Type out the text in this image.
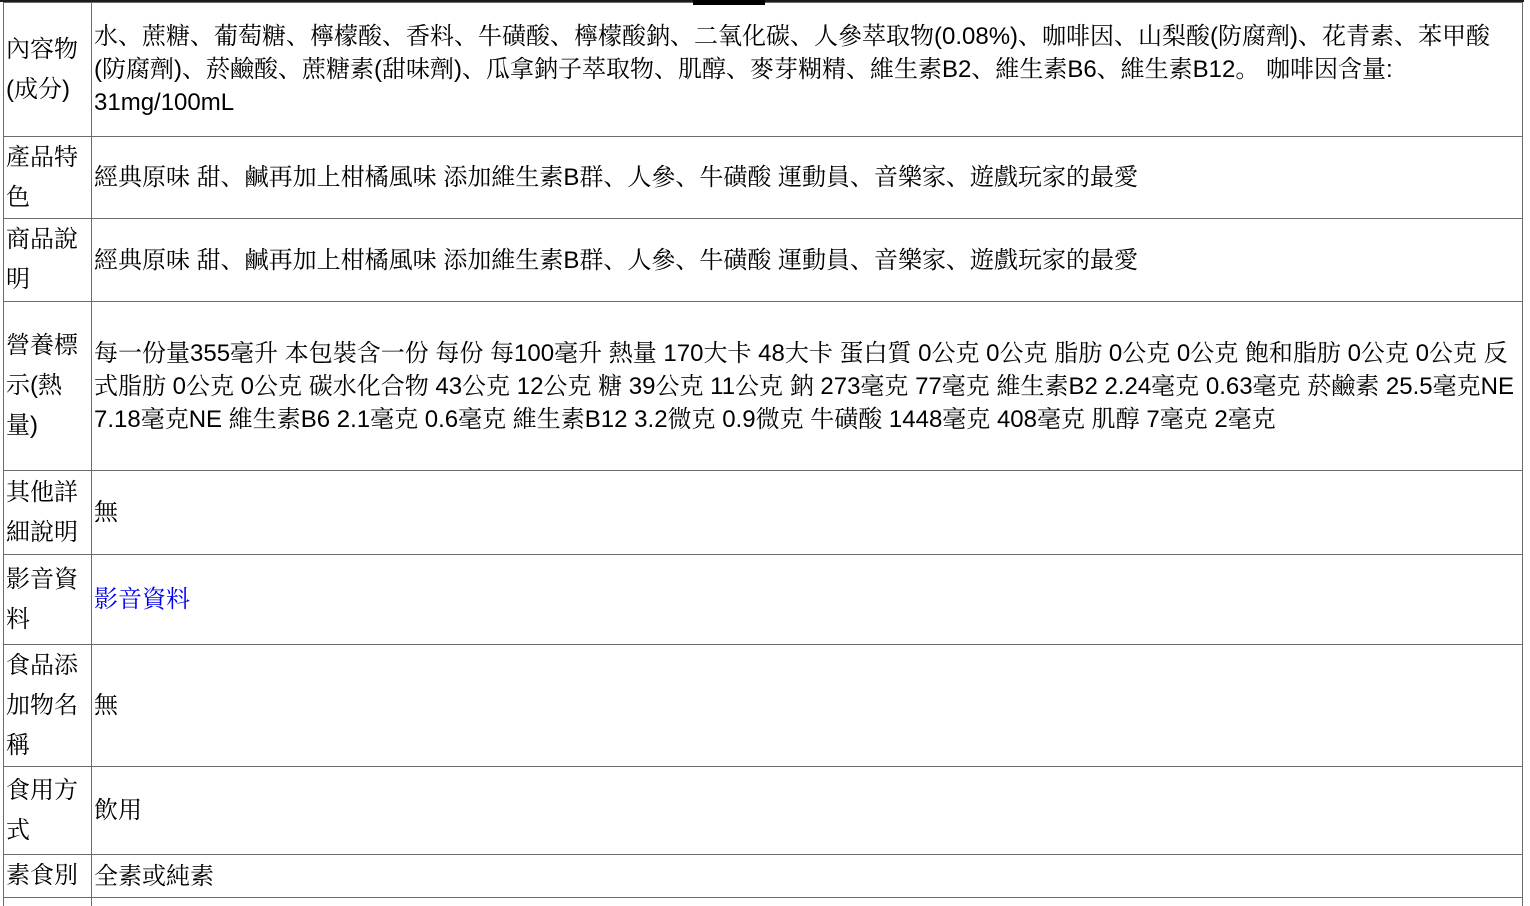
內容物(成分)	水、蔗糖、葡萄糖、檸檬酸、香料、牛磺酸、檸檬酸鈉、二氧化碳、人參萃取物(0.08%)、咖啡因、山梨酸(防腐劑)、花青素、苯甲酸(防腐劑)、菸鹼酸、蔗糖素(甜味劑)、瓜拿鈉子萃取物、肌醇、麥芽糊精、維生素B2、維生素B6、維生素B12。 咖啡因含量: 31mg/100mL
產品特色	經典原味 甜、鹹再加上柑橘風味 添加維生素B群、人參、牛磺酸 運動員、音樂家、遊戲玩家的最愛
商品說明	經典原味 甜、鹹再加上柑橘風味 添加維生素B群、人參、牛磺酸 運動員、音樂家、遊戲玩家的最愛
營養標示(熱量)	每一份量355毫升 本包裝含一份 每份 每100毫升 熱量 170大卡 48大卡 蛋白質 0公克 0公克 脂肪 0公克 0公克 飽和脂肪 0公克 0公克 反式脂肪 0公克 0公克 碳水化合物 43公克 12公克 糖 39公克 11公克 鈉 273毫克 77毫克 維生素B2 2.24毫克 0.63毫克 菸鹼素 25.5毫克NE 7.18毫克NE 維生素B6 2.1毫克 0.6毫克 維生素B12 3.2微克 0.9微克 牛磺酸 1448毫克 408毫克 肌醇 7毫克 2毫克
其他詳細說明	無
影音資料	影音資料
食品添加物名稱	無
食用方式	飲用
素食別	全素或純素
